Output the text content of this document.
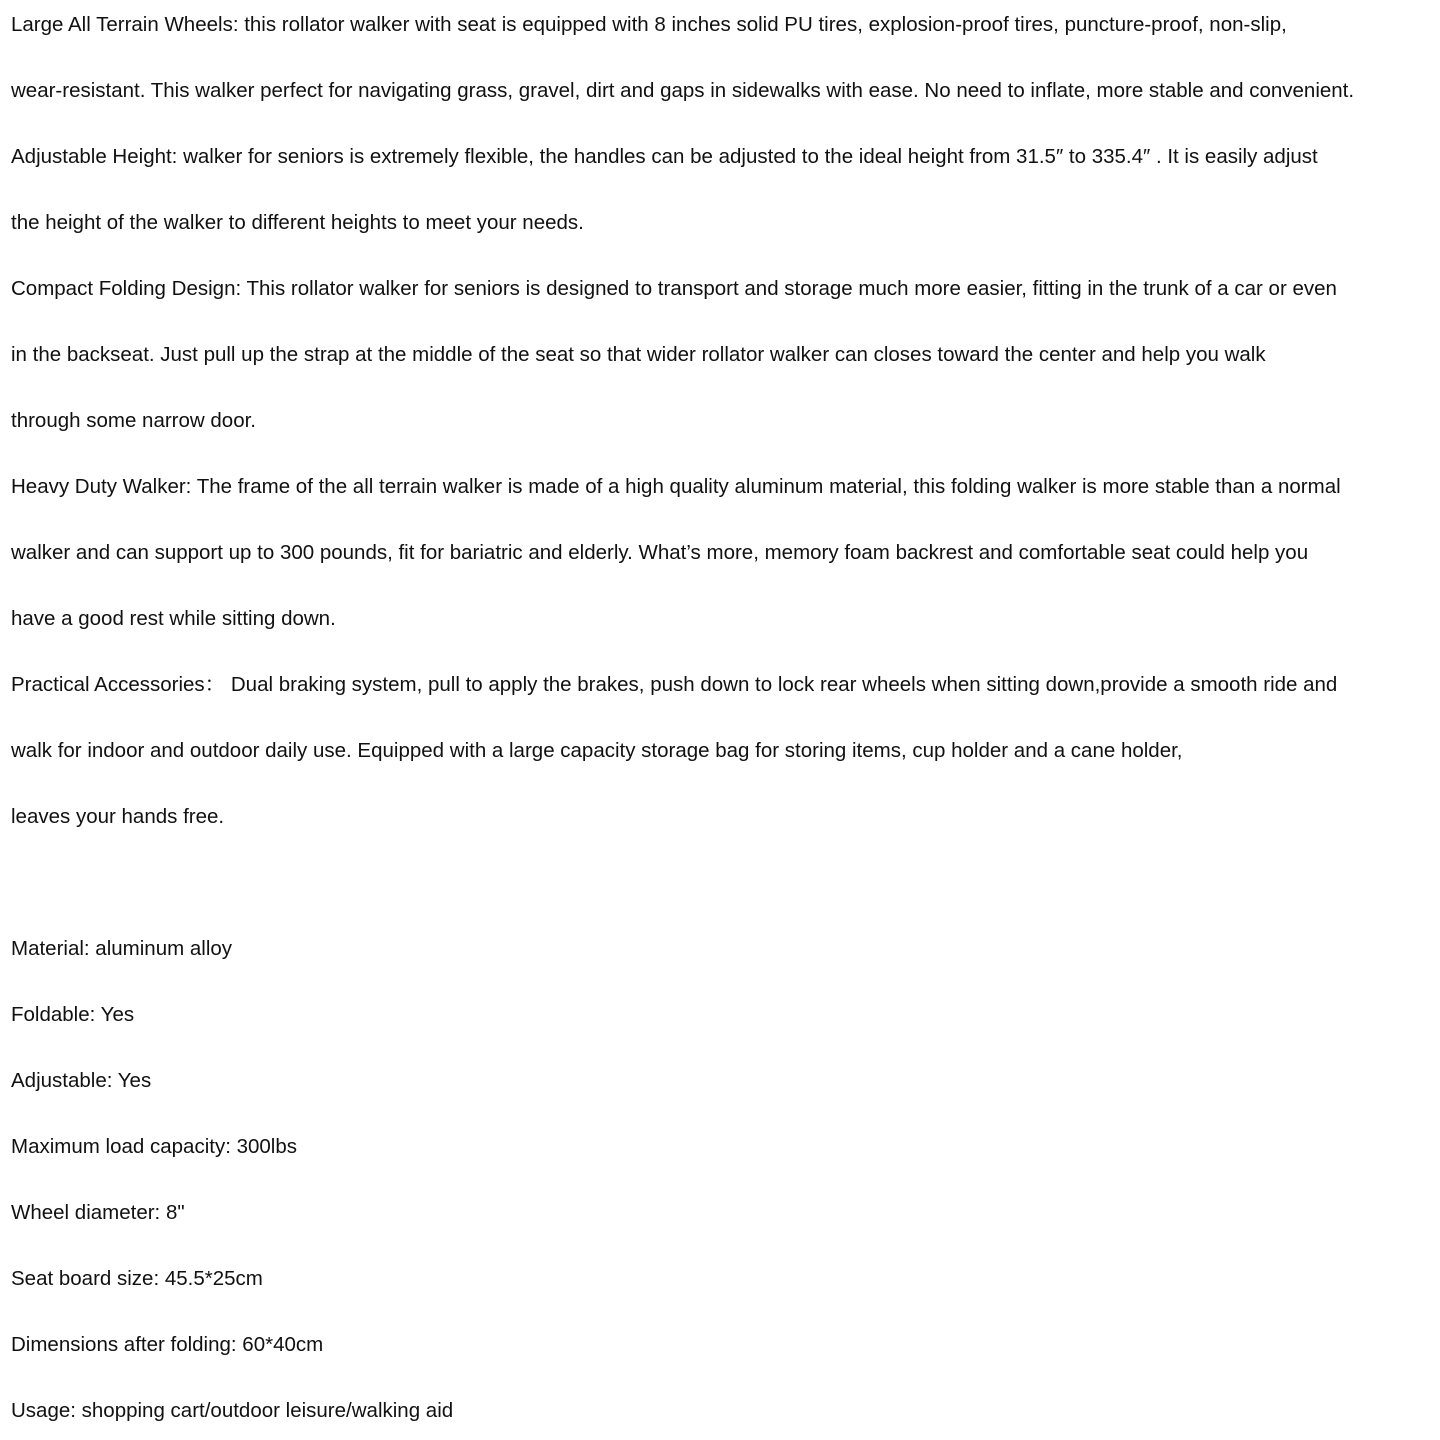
Large All Terrain Wheels: this rollator walker with seat is equipped with 8 inches solid PU tires, explosion-proof tires, puncture-proof, non-slip,
wear-resistant. This walker perfect for navigating grass, gravel, dirt and gaps in sidewalks with ease. No need to inflate, more stable and convenient.
Adjustable Height: walker for seniors is extremely flexible, the handles can be adjusted to the ideal height from 31.5″ to 335.4″ . It is easily adjust
the height of the walker to different heights to meet your needs.
Compact Folding Design: This rollator walker for seniors is designed to transport and storage much more easier, fitting in the trunk of a car or even
in the backseat. Just pull up the strap at the middle of the seat so that wider rollator walker can closes toward the center and help you walk
through some narrow door.
Heavy Duty Walker: The frame of the all terrain walker is made of a high quality aluminum material, this folding walker is more stable than a normal
walker and can support up to 300 pounds, fit for bariatric and elderly. What’s more, memory foam backrest and comfortable seat could help you
have a good rest while sitting down.
Practical Accessories： Dual braking system, pull to apply the brakes, push down to lock rear wheels when sitting down,provide a smooth ride and
walk for indoor and outdoor daily use. Equipped with a large capacity storage bag for storing items, cup holder and a cane holder,
leaves your hands free.
Material: aluminum alloy
Foldable: Yes
Adjustable: Yes
Maximum load capacity: 300lbs
Wheel diameter: 8"
Seat board size: 45.5*25cm
Dimensions after folding: 60*40cm
Usage: shopping cart/outdoor leisure/walking aid
